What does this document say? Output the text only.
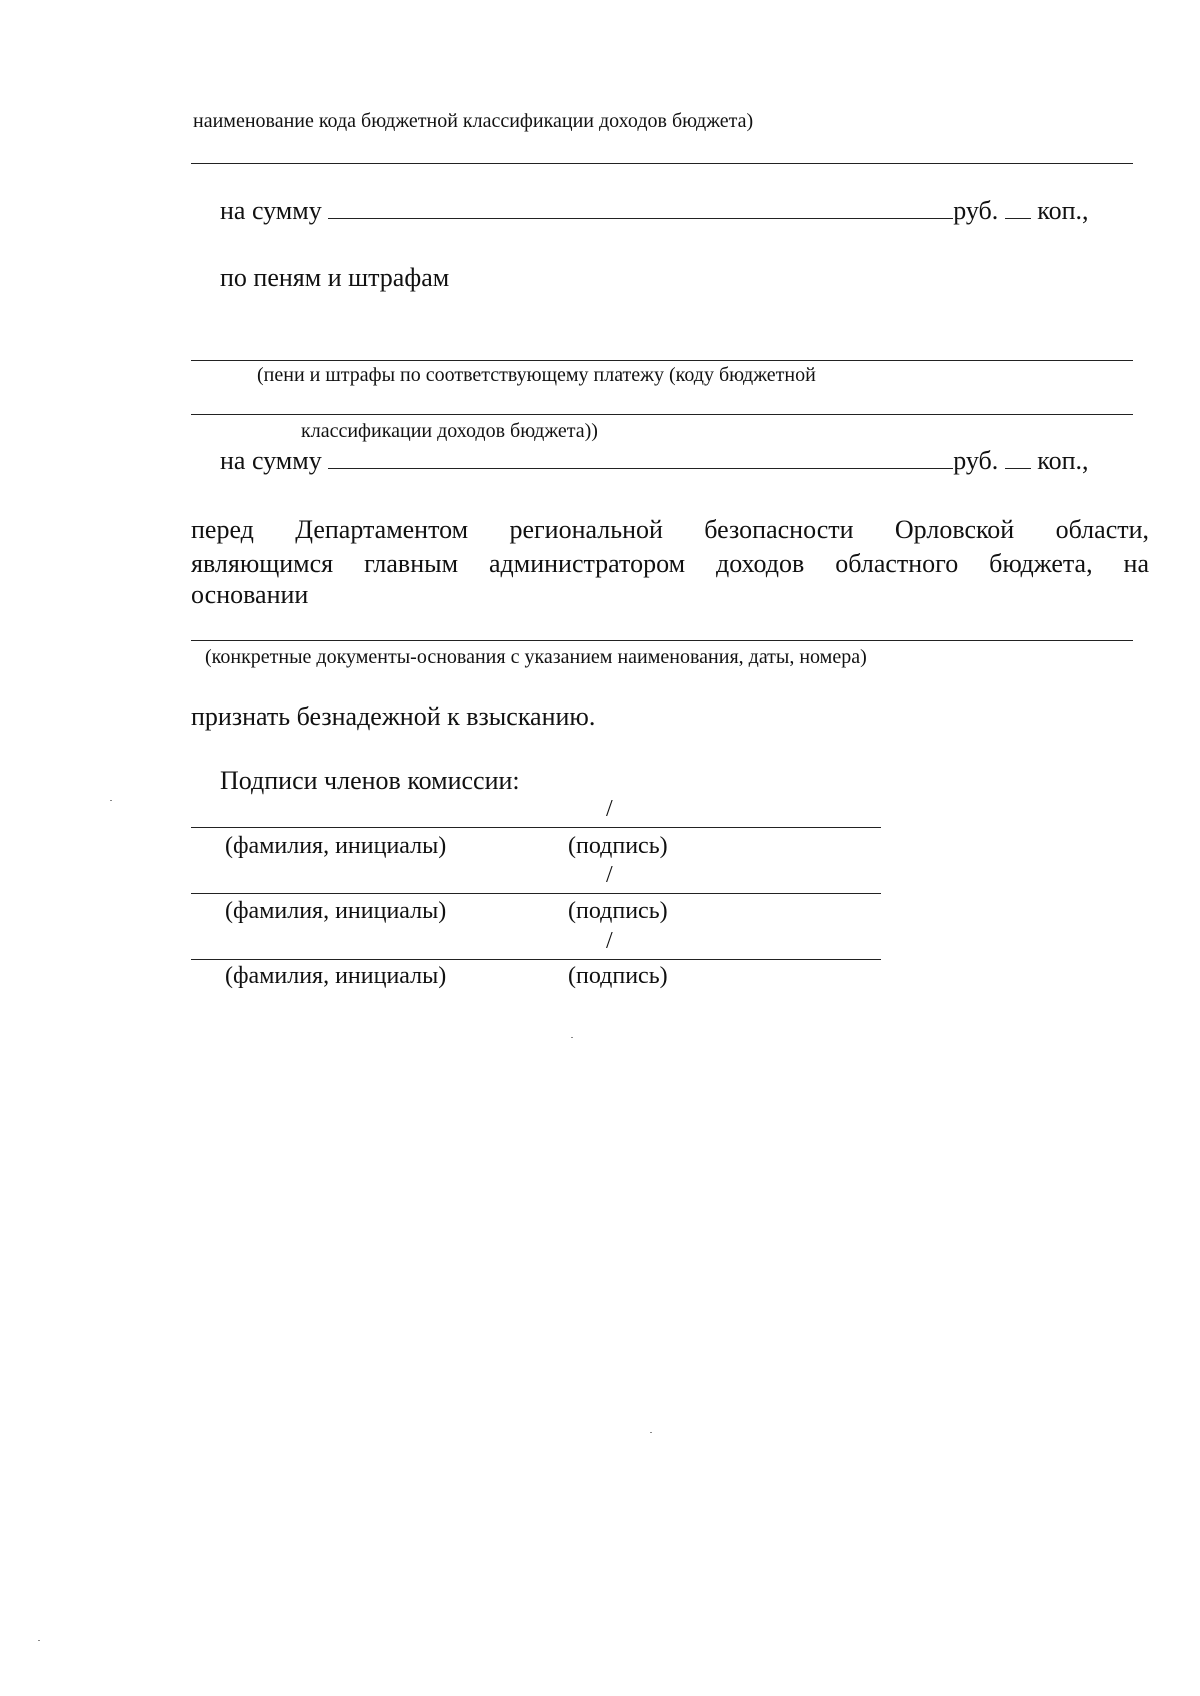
наименование кода бюджетной классификации доходов бюджета)
на сумму	руб. коп.,
по пеням и штрафам
(пени и штрафы по соответствующему платежу (коду бюджетной
классификации доходов бюджета))
на сумму	руб. коп.,
перед Департаментом региональной безопасности Орловской области,
являющимся главным администратором доходов областного бюджета, на
основании
(конкретные документы-основания с указанием наименования, даты, номера)
признать безнадежной к взысканию.
Подписи членов комиссии:
/
(фамилия, инициалы)	(подпись)
/
(фамилия, инициалы)	(подпись)
/
(фамилия, инициалы)	(подпись)
